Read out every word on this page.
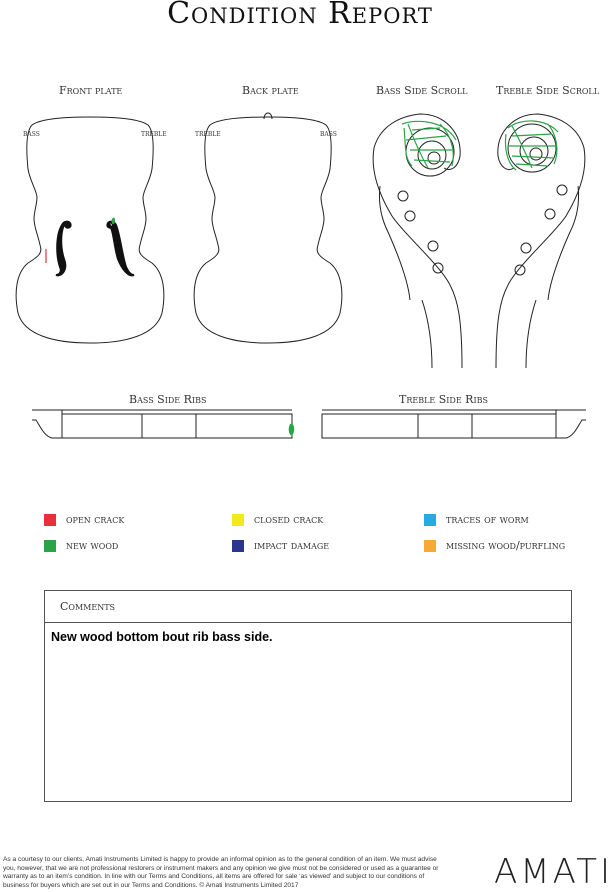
Condition Report
Front plate	Back plate	Bass Side Scroll	Treble Side Scroll
bass	treble	treble	bass
Bass Side Ribs	Treble Side Ribs
open crack	closed crack	traces of worm
new wood	impact damage	missing wood/purfling
Comments
New wood bottom bout rib bass side.
As a courtesy to our clients, Amati Instruments Limited is happy to provide an informal opinion as to the general condition of an item. We must advise you, however, that we are not professional restorers or instrument makers and any opinion we give must not be considered or used as a guarantee or warranty as to an item’s condition. In line with our Terms and Conditions, all items are offered for sale ‘as viewed’ and subject to our conditions of business for buyers which are set out in our Terms and Conditions. © Amati Instruments Limited 2017	AMATI
